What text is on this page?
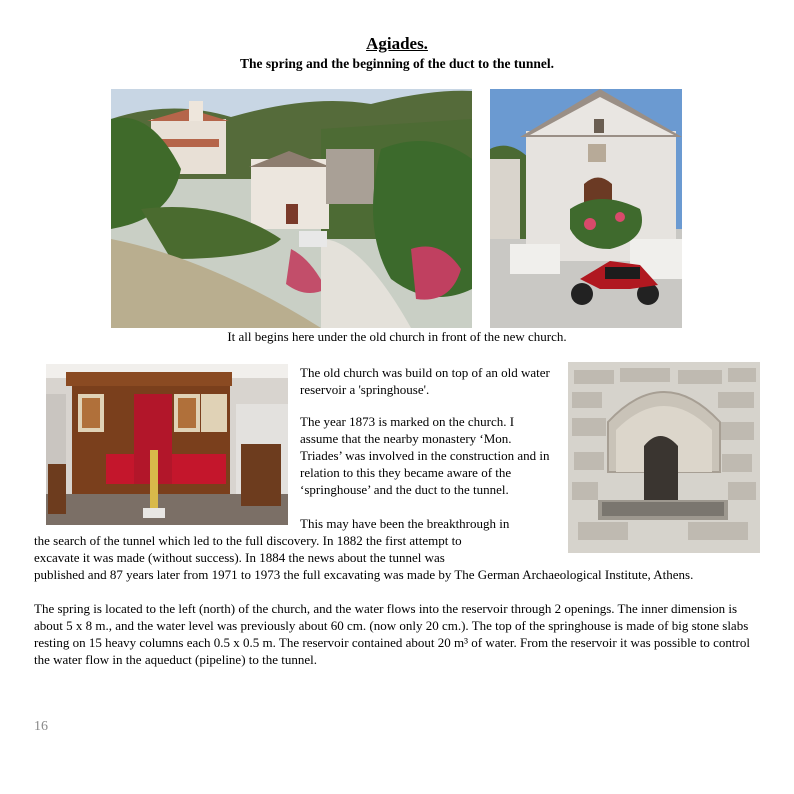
Agiades.
The spring and the beginning of the duct to the tunnel.
It all begins here under the old church in front of the new church.
The old church was build on top of an old water reservoir a 'springhouse'.
The year 1873 is marked on the church. I assume that the nearby monastery ‘Mon. Triades’ was involved in the construction and in relation to this they became aware of the ‘springhouse’ and the duct to the tunnel.
This may have been the breakthrough in
the search of the tunnel which led to the full discovery. In 1882 the first attempt to
excavate it was made (without success). In 1884 the news about the tunnel was
published and 87 years later from 1971 to 1973 the full excavating was made by The German Archaeological Institute, Athens.
The spring is located to the left (north) of the church, and the water flows into the reservoir through 2 openings. The inner dimension is about 5 x 8 m., and the water level was previously about 60 cm. (now only 20 cm.). The top of the springhouse is made of big stone slabs resting on 15 heavy columns each 0.5 x 0.5 m. The reservoir contained about 20 m³ of water. From the reservoir it was possible to control the water flow in the aqueduct (pipeline) to the tunnel.
16
